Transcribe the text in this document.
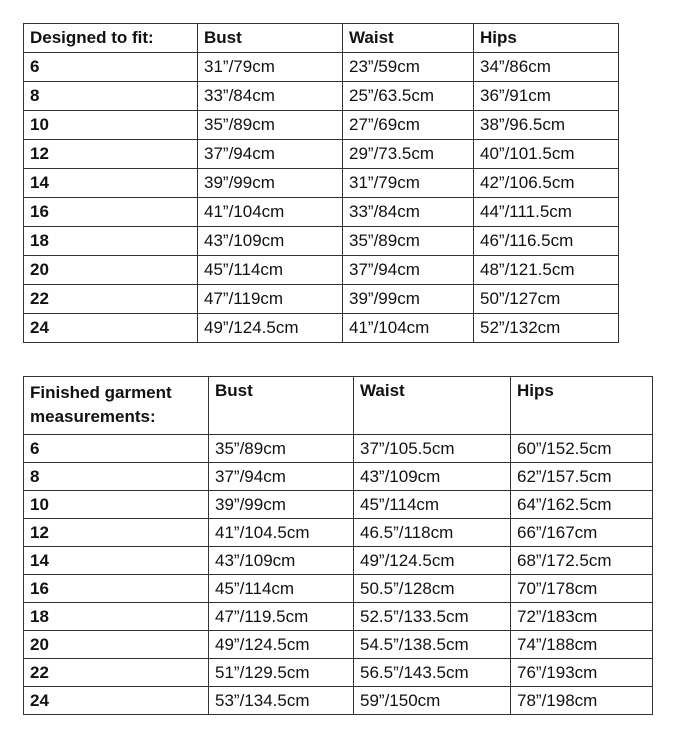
Designed to fit:	Bust	Waist	Hips
6	31”/79cm	23”/59cm	34”/86cm
8	33”/84cm	25”/63.5cm	36”/91cm
10	35”/89cm	27”/69cm	38”/96.5cm
12	37”/94cm	29”/73.5cm	40”/101.5cm
14	39”/99cm	31”/79cm	42”/106.5cm
16	41”/104cm	33”/84cm	44”/111.5cm
18	43”/109cm	35”/89cm	46”/116.5cm
20	45”/114cm	37”/94cm	48”/121.5cm
22	47”/119cm	39”/99cm	50”/127cm
24	49”/124.5cm	41”/104cm	52”/132cm
Finished garment measurements:	Bust	Waist	Hips
6	35”/89cm	37”/105.5cm	60”/152.5cm
8	37”/94cm	43”/109cm	62”/157.5cm
10	39”/99cm	45”/114cm	64”/162.5cm
12	41”/104.5cm	46.5”/118cm	66”/167cm
14	43”/109cm	49”/124.5cm	68”/172.5cm
16	45”/114cm	50.5”/128cm	70”/178cm
18	47”/119.5cm	52.5”/133.5cm	72”/183cm
20	49”/124.5cm	54.5”/138.5cm	74”/188cm
22	51”/129.5cm	56.5”/143.5cm	76”/193cm
24	53”/134.5cm	59”/150cm	78”/198cm
